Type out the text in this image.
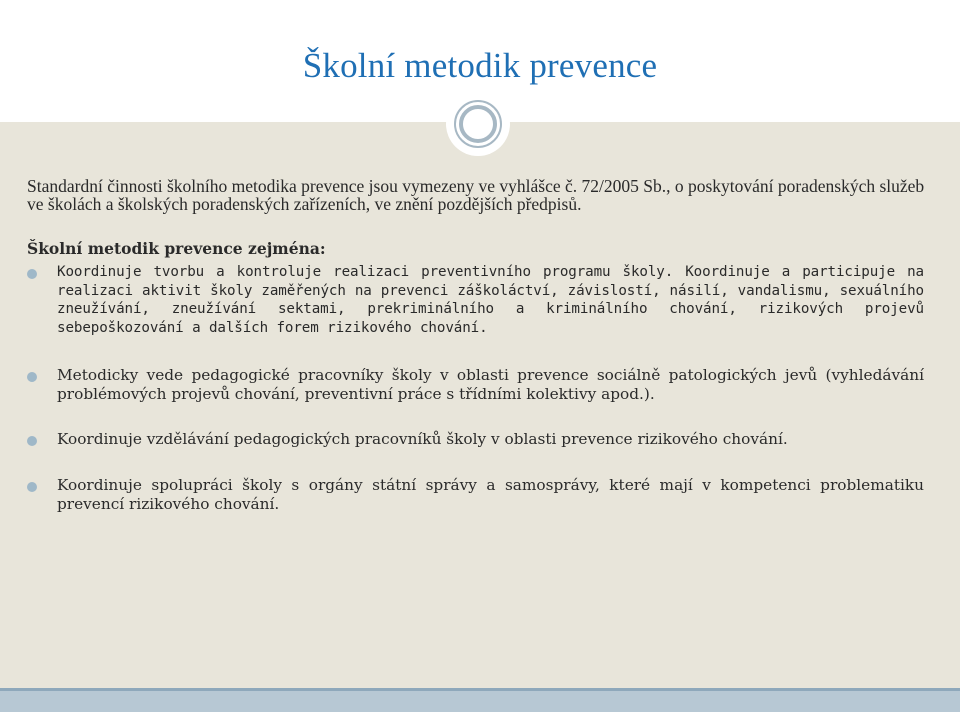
Školní metodik prevence
Standardní činnosti školního metodika prevence jsou vymezeny ve vyhlášce č. 72/2005 Sb., o poskytování poradenských služeb ve školách a školských poradenských zařízeních, ve znění pozdějších předpisů.
Školní metodik prevence zejména:
Koordinuje tvorbu a kontroluje realizaci preventivního programu školy. Koordinuje a participuje na realizaci aktivit školy zaměřených na prevenci záškoláctví, závislostí, násilí, vandalismu, sexuálního zneužívání, zneužívání sektami, prekriminálního a kriminálního chování, rizikových projevů sebepoškozování a dalších forem rizikového chování.
Metodicky vede pedagogické pracovníky školy v oblasti prevence sociálně patologických jevů (vyhledávání problémových projevů chování, preventivní práce s třídními kolektivy apod.).
Koordinuje vzdělávání pedagogických pracovníků školy v oblasti prevence rizikového chování.
Koordinuje spolupráci školy s orgány státní správy a samosprávy, které mají v kompetenci problematiku prevencí rizikového chování.
